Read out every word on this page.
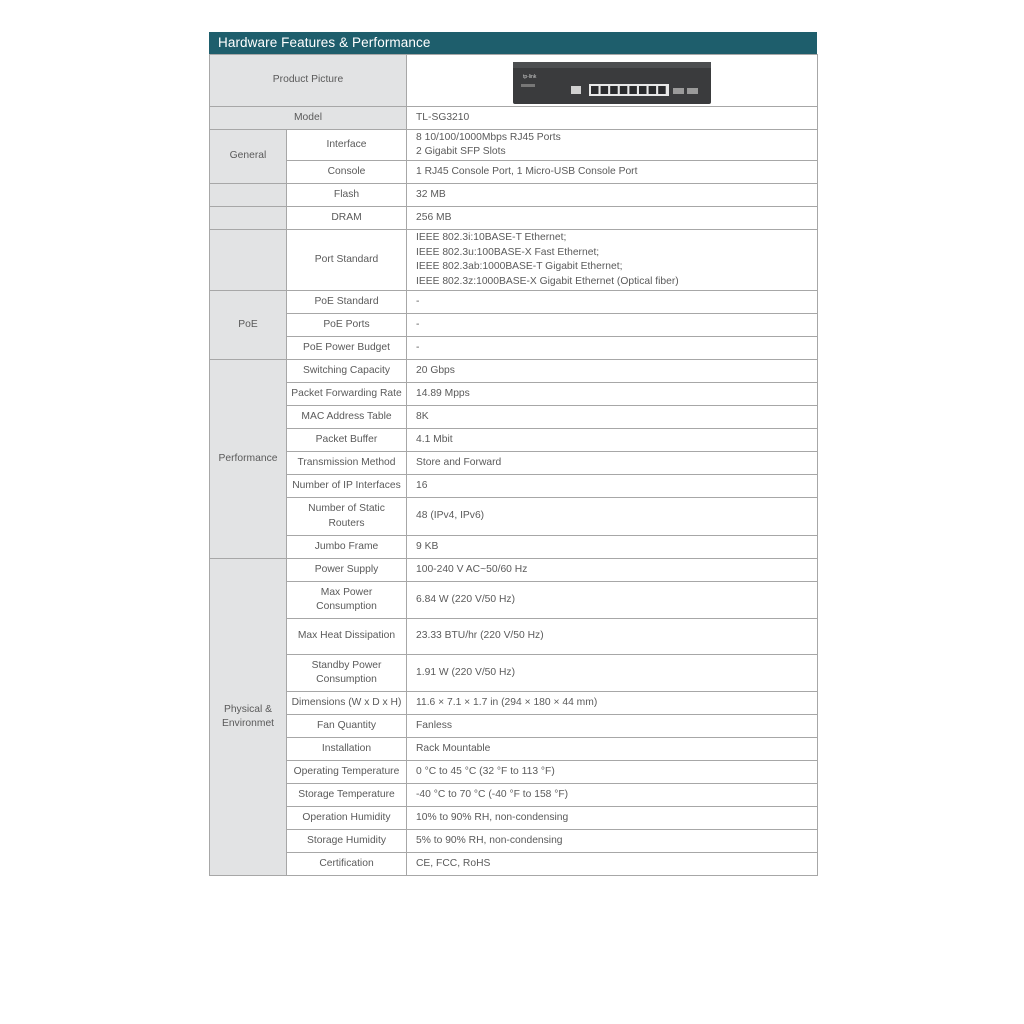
Hardware Features & Performance
Product Picture		tp-link

Model		TL-SG3210
General	Interface	8 10/100/1000Mbps RJ45 Ports
2 Gigabit SFP Slots
	Console	1 RJ45 Console Port, 1 Micro-USB Console Port
	Flash	32 MB
	DRAM	256 MB
	Port Standard	IEEE 802.3i:10BASE-T Ethernet;
IEEE 802.3u:100BASE-X Fast Ethernet;
IEEE 802.3ab:1000BASE-T Gigabit Ethernet;
IEEE 802.3z:1000BASE-X Gigabit Ethernet (Optical fiber)
PoE	PoE Standard	-
	PoE Ports	-
	PoE Power Budget	-
Performance	Switching Capacity	20 Gbps
	Packet Forwarding Rate	14.89 Mpps
	MAC Address Table	8K
	Packet Buffer	4.1 Mbit
	Transmission Method	Store and Forward
	Number of IP Interfaces	16
	Number of Static
Routers	48 (IPv4, IPv6)
	Jumbo Frame	9 KB
Physical &
Environmet	Power Supply	100-240 V AC~50/60 Hz
	Max Power
Consumption	6.84 W (220 V/50 Hz)
	Max Heat Dissipation	23.33 BTU/hr (220 V/50 Hz)
	Standby Power
Consumption	1.91 W (220 V/50 Hz)
	Dimensions (W x D x H)	11.6 × 7.1 × 1.7 in (294 × 180 × 44 mm)
	Fan Quantity	Fanless
	Installation	Rack Mountable
	Operating Temperature	0 °C to 45 °C (32 °F to 113 °F)
	Storage Temperature	-40 °C to 70 °C (-40 °F to 158 °F)
	Operation Humidity	10% to 90% RH, non-condensing
	Storage Humidity	5% to 90% RH, non-condensing
	Certification	CE, FCC, RoHS
